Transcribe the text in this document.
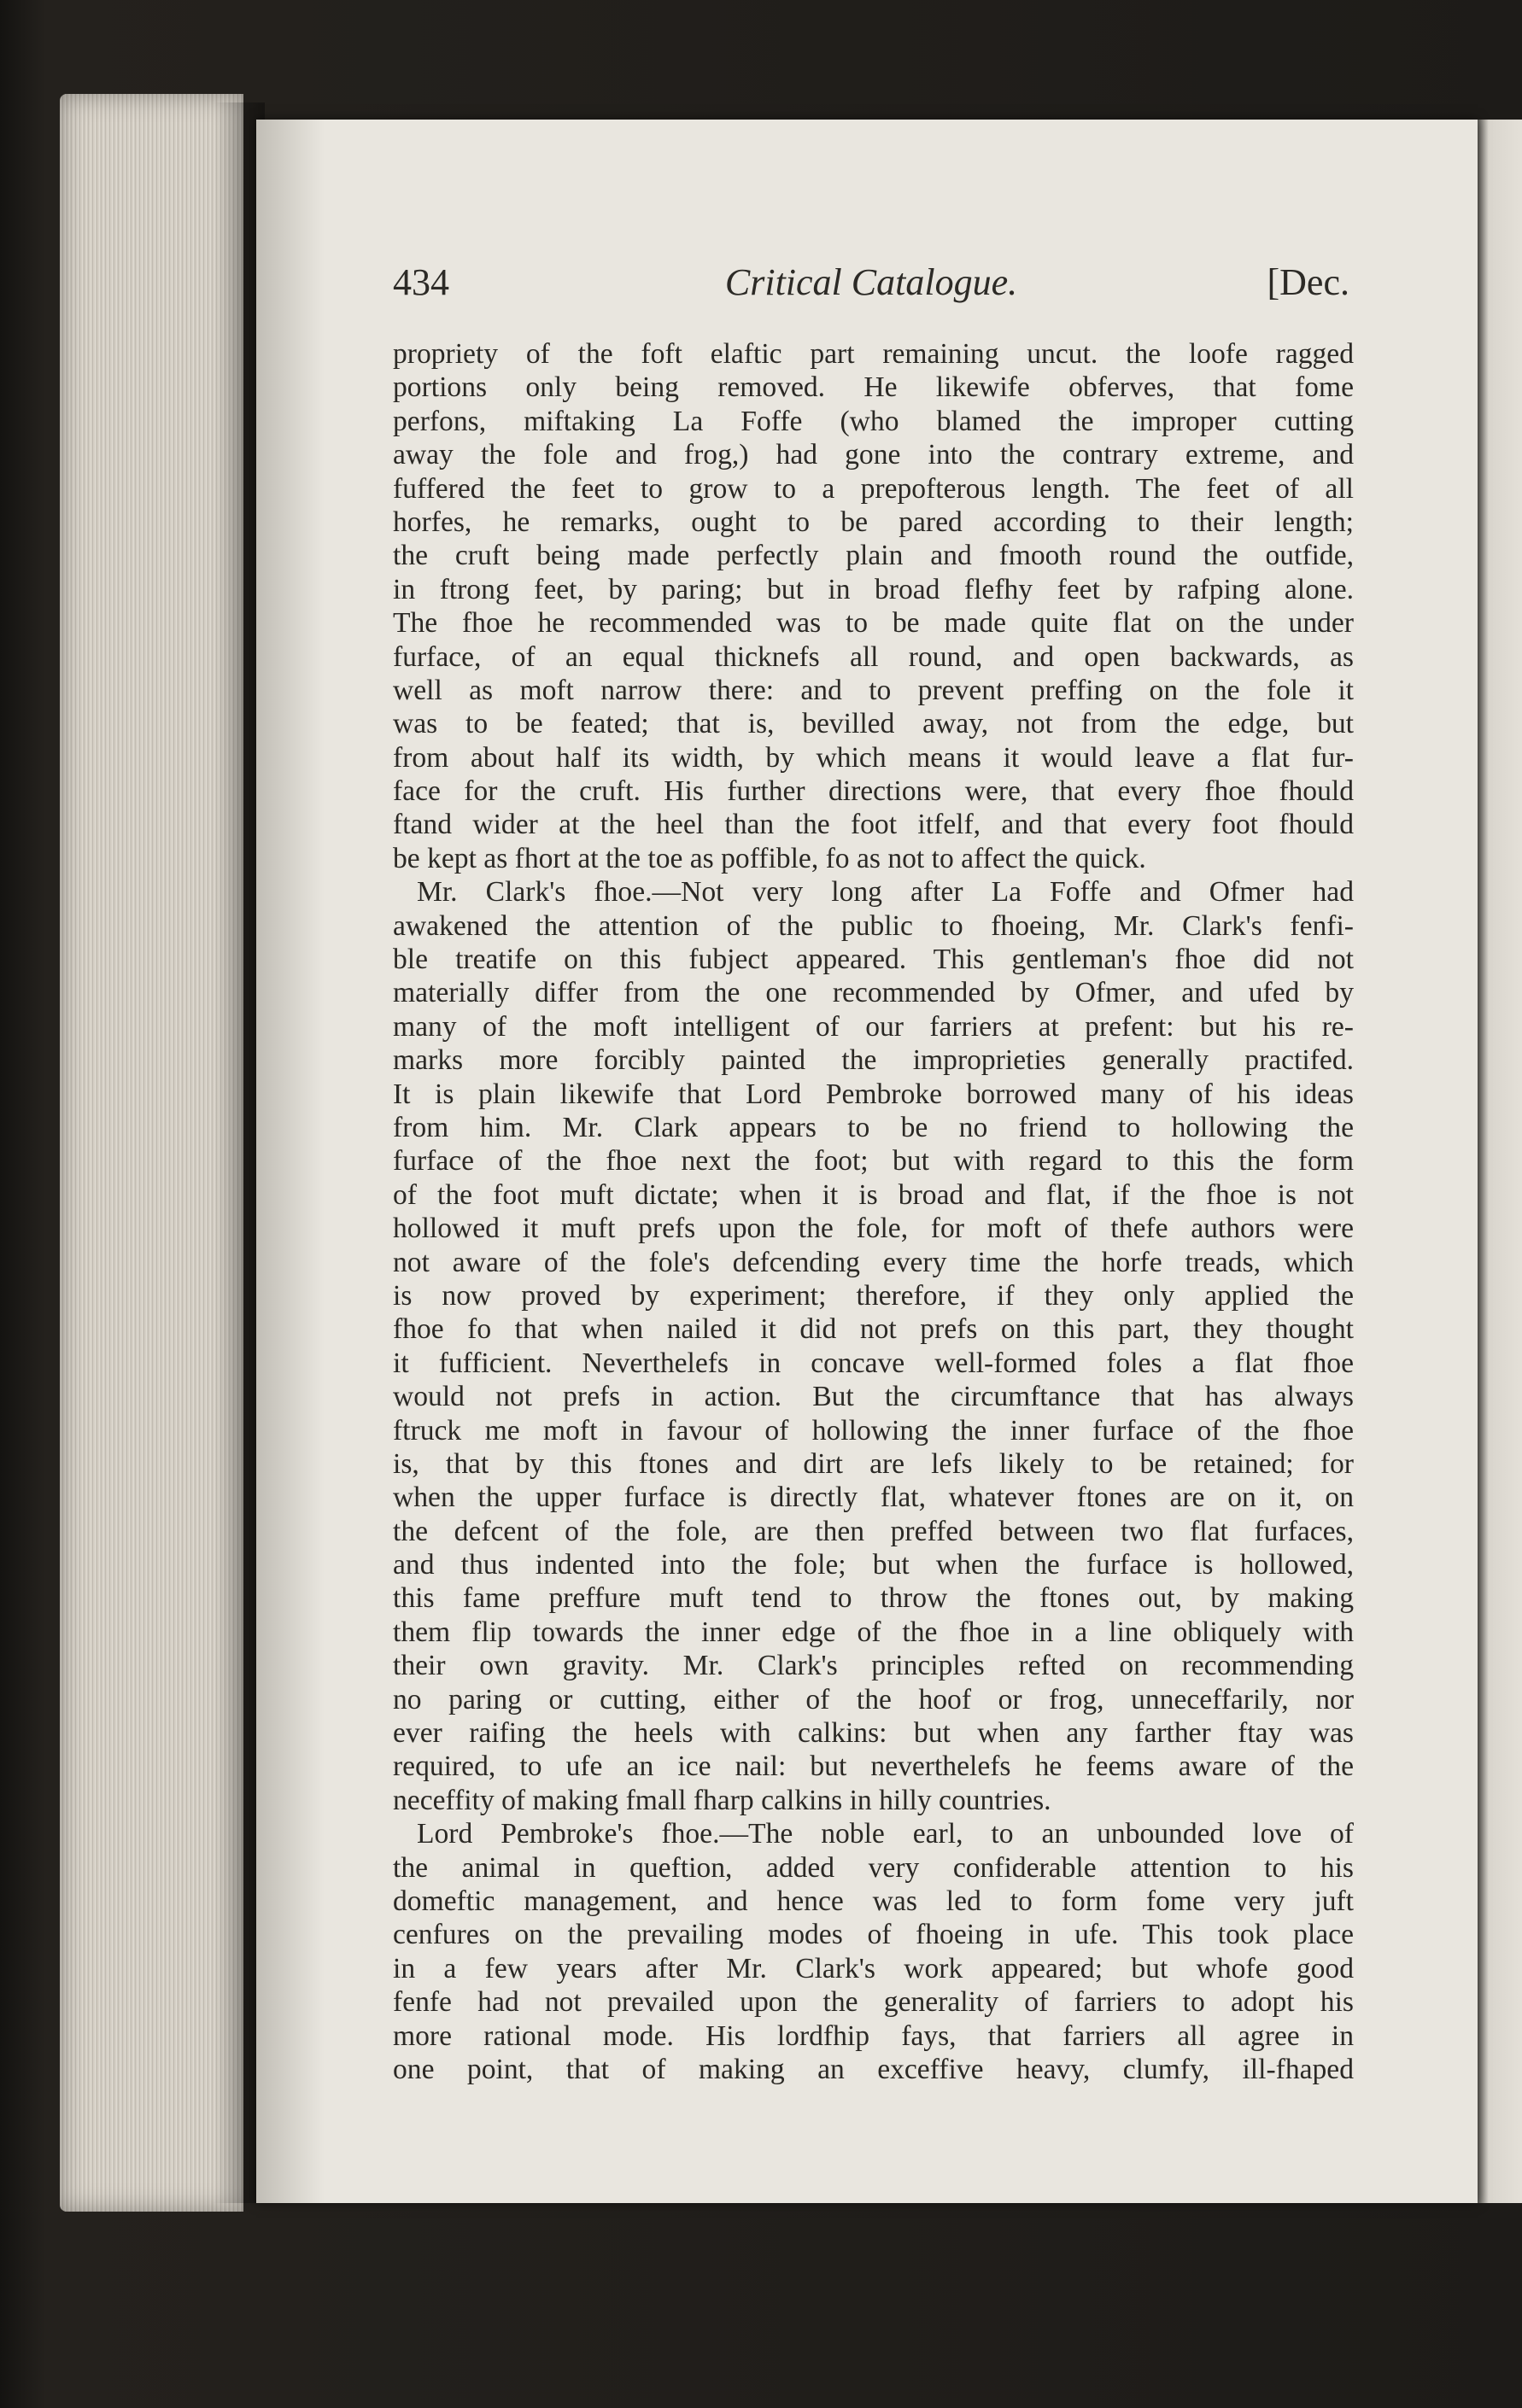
434	Critical Catalogue.	[Dec.
propriety of the foft elaftic part remaining uncut. the loofe ragged
portions only being removed. He likewife obferves, that fome
perfons, miftaking La Foffe (who blamed the improper cutting
away the fole and frog,) had gone into the contrary extreme, and
fuffered the feet to grow to a prepofterous length. The feet of all
horfes, he remarks, ought to be pared according to their length;
the cruft being made perfectly plain and fmooth round the outfide,
in ftrong feet, by paring; but in broad flefhy feet by rafping alone.
The fhoe he recommended was to be made quite flat on the under
furface, of an equal thicknefs all round, and open backwards, as
well as moft narrow there: and to prevent preffing on the fole it
was to be feated; that is, bevilled away, not from the edge, but
from about half its width, by which means it would leave a flat fur-
face for the cruft. His further directions were, that every fhoe fhould
ftand wider at the heel than the foot itfelf, and that every foot fhould
be kept as fhort at the toe as poffible, fo as not to affect the quick.
Mr. Clark's fhoe.—Not very long after La Foffe and Ofmer had
awakened the attention of the public to fhoeing, Mr. Clark's fenfi-
ble treatife on this fubject appeared. This gentleman's fhoe did not
materially differ from the one recommended by Ofmer, and ufed by
many of the moft intelligent of our farriers at prefent: but his re-
marks more forcibly painted the improprieties generally practifed.
It is plain likewife that Lord Pembroke borrowed many of his ideas
from him. Mr. Clark appears to be no friend to hollowing the
furface of the fhoe next the foot; but with regard to this the form
of the foot muft dictate; when it is broad and flat, if the fhoe is not
hollowed it muft prefs upon the fole, for moft of thefe authors were
not aware of the fole's defcending every time the horfe treads, which
is now proved by experiment; therefore, if they only applied the
fhoe fo that when nailed it did not prefs on this part, they thought
it fufficient. Neverthelefs in concave well-formed foles a flat fhoe
would not prefs in action. But the circumftance that has always
ftruck me moft in favour of hollowing the inner furface of the fhoe
is, that by this ftones and dirt are lefs likely to be retained; for
when the upper furface is directly flat, whatever ftones are on it, on
the defcent of the fole, are then preffed between two flat furfaces,
and thus indented into the fole; but when the furface is hollowed,
this fame preffure muft tend to throw the ftones out, by making
them flip towards the inner edge of the fhoe in a line obliquely with
their own gravity. Mr. Clark's principles refted on recommending
no paring or cutting, either of the hoof or frog, unneceffarily, nor
ever raifing the heels with calkins: but when any farther ftay was
required, to ufe an ice nail: but neverthelefs he feems aware of the
neceffity of making fmall fharp calkins in hilly countries.
Lord Pembroke's fhoe.—The noble earl, to an unbounded love of
the animal in queftion, added very confiderable attention to his
domeftic management, and hence was led to form fome very juft
cenfures on the prevailing modes of fhoeing in ufe. This took place
in a few years after Mr. Clark's work appeared; but whofe good
fenfe had not prevailed upon the generality of farriers to adopt his
more rational mode. His lordfhip fays, that farriers all agree in
one point, that of making an exceffive heavy, clumfy, ill-fhaped
